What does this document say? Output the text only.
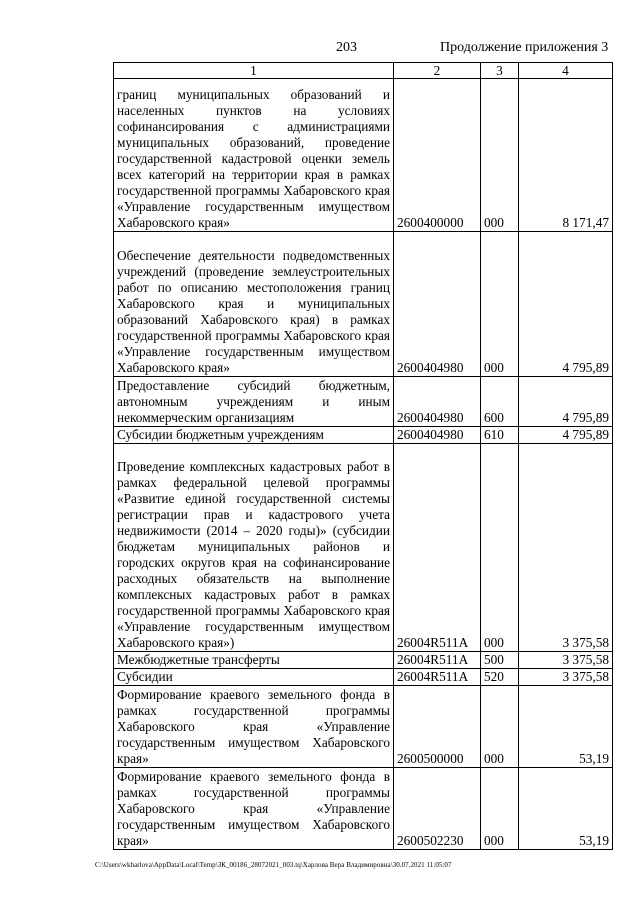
203	Продолжение приложения 3
1	2	3	4
границ муниципальных образований и населенных пунктов на условиях софинансирования с администрациями муниципальных образований, проведение государственной кадастровой оценки земель всех категорий на территории края в рамках государственной программы Хабаровского края «Управление государственным имуществом Хабаровского края»	2600400000	000	8 171,47
Обеспечение деятельности подведомственных учреждений (проведение землеустроительных работ по описанию местоположения границ Хабаровского края и муниципальных образований Хабаровского края) в рамках государственной программы Хабаровского края «Управление государственным имуществом Хабаровского края»	2600404980	000	4 795,89
Предоставление субсидий бюджетным, автономным учреждениям и иным некоммерческим организациям	2600404980	600	4 795,89
Субсидии бюджетным учреждениям	2600404980	610	4 795,89
Проведение комплексных кадастровых работ в рамках федеральной целевой программы «Развитие единой государственной системы регистрации прав и кадастрового учета недвижимости (2014 – 2020 годы)» (субсидии бюджетам муниципальных районов и городских округов края на софинансирование расходных обязательств на выполнение комплексных кадастровых работ в рамках государственной программы Хабаровского края «Управление государственным имуществом Хабаровского края»)	26004R511A	000	3 375,58
Межбюджетные трансферты	26004R511A	500	3 375,58
Субсидии	26004R511A	520	3 375,58
Формирование краевого земельного фонда в рамках государственной программы Хабаровского края «Управление государственным имуществом Хабаровского края»	2600500000	000	53,19
Формирование краевого земельного фонда в рамках государственной программы Хабаровского края «Управление государственным имуществом Хабаровского края»	2600502230	000	53,19
C:\Users\wkharlova\AppData\Local\Temp\ЗК_00186_28072021_003.tq\Харлова Вера Владимировна\30.07.2021 11:05:07
